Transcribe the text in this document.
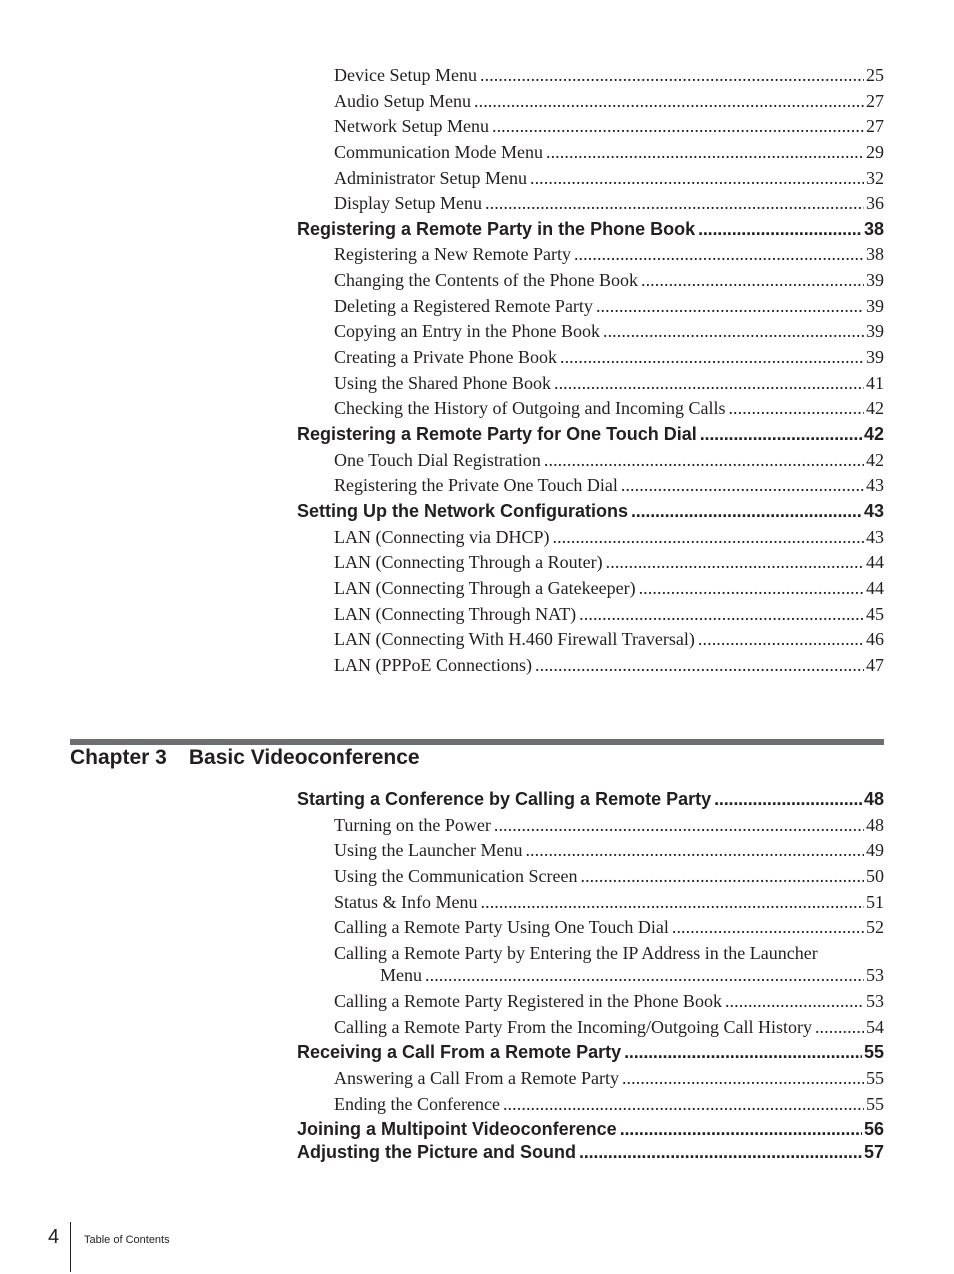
Device Setup Menu . . .	25
Audio Setup Menu . . .	27
Network Setup Menu . . .	27
Communication Mode Menu . . .	29
Administrator Setup Menu . . .	32
Display Setup Menu . . .	36
Registering a Remote Party in the Phone Book . . .	38
Registering a New Remote Party . . .	38
Changing the Contents of the Phone Book . . .	39
Deleting a Registered Remote Party . . .	39
Copying an Entry in the Phone Book . . .	39
Creating a Private Phone Book . . .	39
Using the Shared Phone Book . . .	41
Checking the History of Outgoing and Incoming Calls . . .	42
Registering a Remote Party for One Touch Dial . . .	42
One Touch Dial Registration . . .	42
Registering the Private One Touch Dial . . .	43
Setting Up the Network Configurations . . .	43
LAN (Connecting via DHCP) . . .	43
LAN (Connecting Through a Router) . . .	44
LAN (Connecting Through a Gatekeeper) . . .	44
LAN (Connecting Through NAT) . . .	45
LAN (Connecting With H.460 Firewall Traversal) . . .	46
LAN (PPPoE Connections) . . .	47
Chapter 3 Basic Videoconference
Starting a Conference by Calling a Remote Party . . .	48
Turning on the Power . . .	48
Using the Launcher Menu . . .	49
Using the Communication Screen . . .	50
Status & Info Menu . . .	51
Calling a Remote Party Using One Touch Dial . . .	52
Calling a Remote Party by Entering the IP Address in the Launcher
Menu . . .	53
Calling a Remote Party Registered in the Phone Book . . .	53
Calling a Remote Party From the Incoming/Outgoing Call History . . .	54
Receiving a Call From a Remote Party . . .	55
Answering a Call From a Remote Party . . .	55
Ending the Conference . . .	55
Joining a Multipoint Videoconference . . .	56
Adjusting the Picture and Sound . . .	57
4 Table of Contents
